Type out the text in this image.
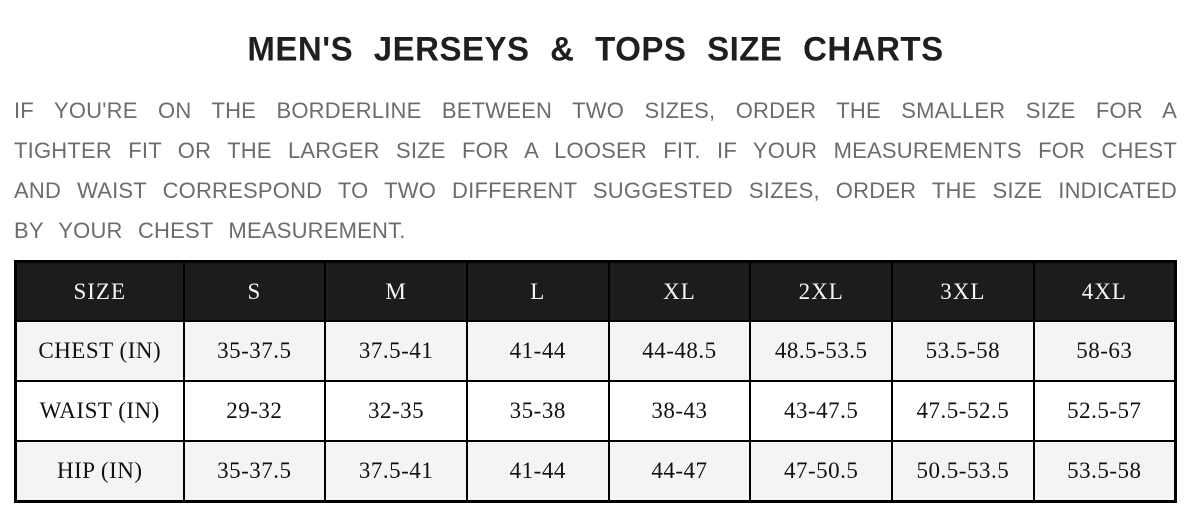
MEN'S JERSEYS & TOPS SIZE CHARTS
IF YOU'RE ON THE BORDERLINE BETWEEN TWO SIZES, ORDER THE SMALLER SIZE FOR A
TIGHTER FIT OR THE LARGER SIZE FOR A LOOSER FIT. IF YOUR MEASUREMENTS FOR CHEST
AND WAIST CORRESPOND TO TWO DIFFERENT SUGGESTED SIZES, ORDER THE SIZE INDICATED
BY YOUR CHEST MEASUREMENT.
SIZE	S	M	L	XL	2XL	3XL	4XL
CHEST (IN)	35-37.5	37.5-41	41-44	44-48.5	48.5-53.5	53.5-58	58-63
WAIST (IN)	29-32	32-35	35-38	38-43	43-47.5	47.5-52.5	52.5-57
HIP (IN)	35-37.5	37.5-41	41-44	44-47	47-50.5	50.5-53.5	53.5-58
